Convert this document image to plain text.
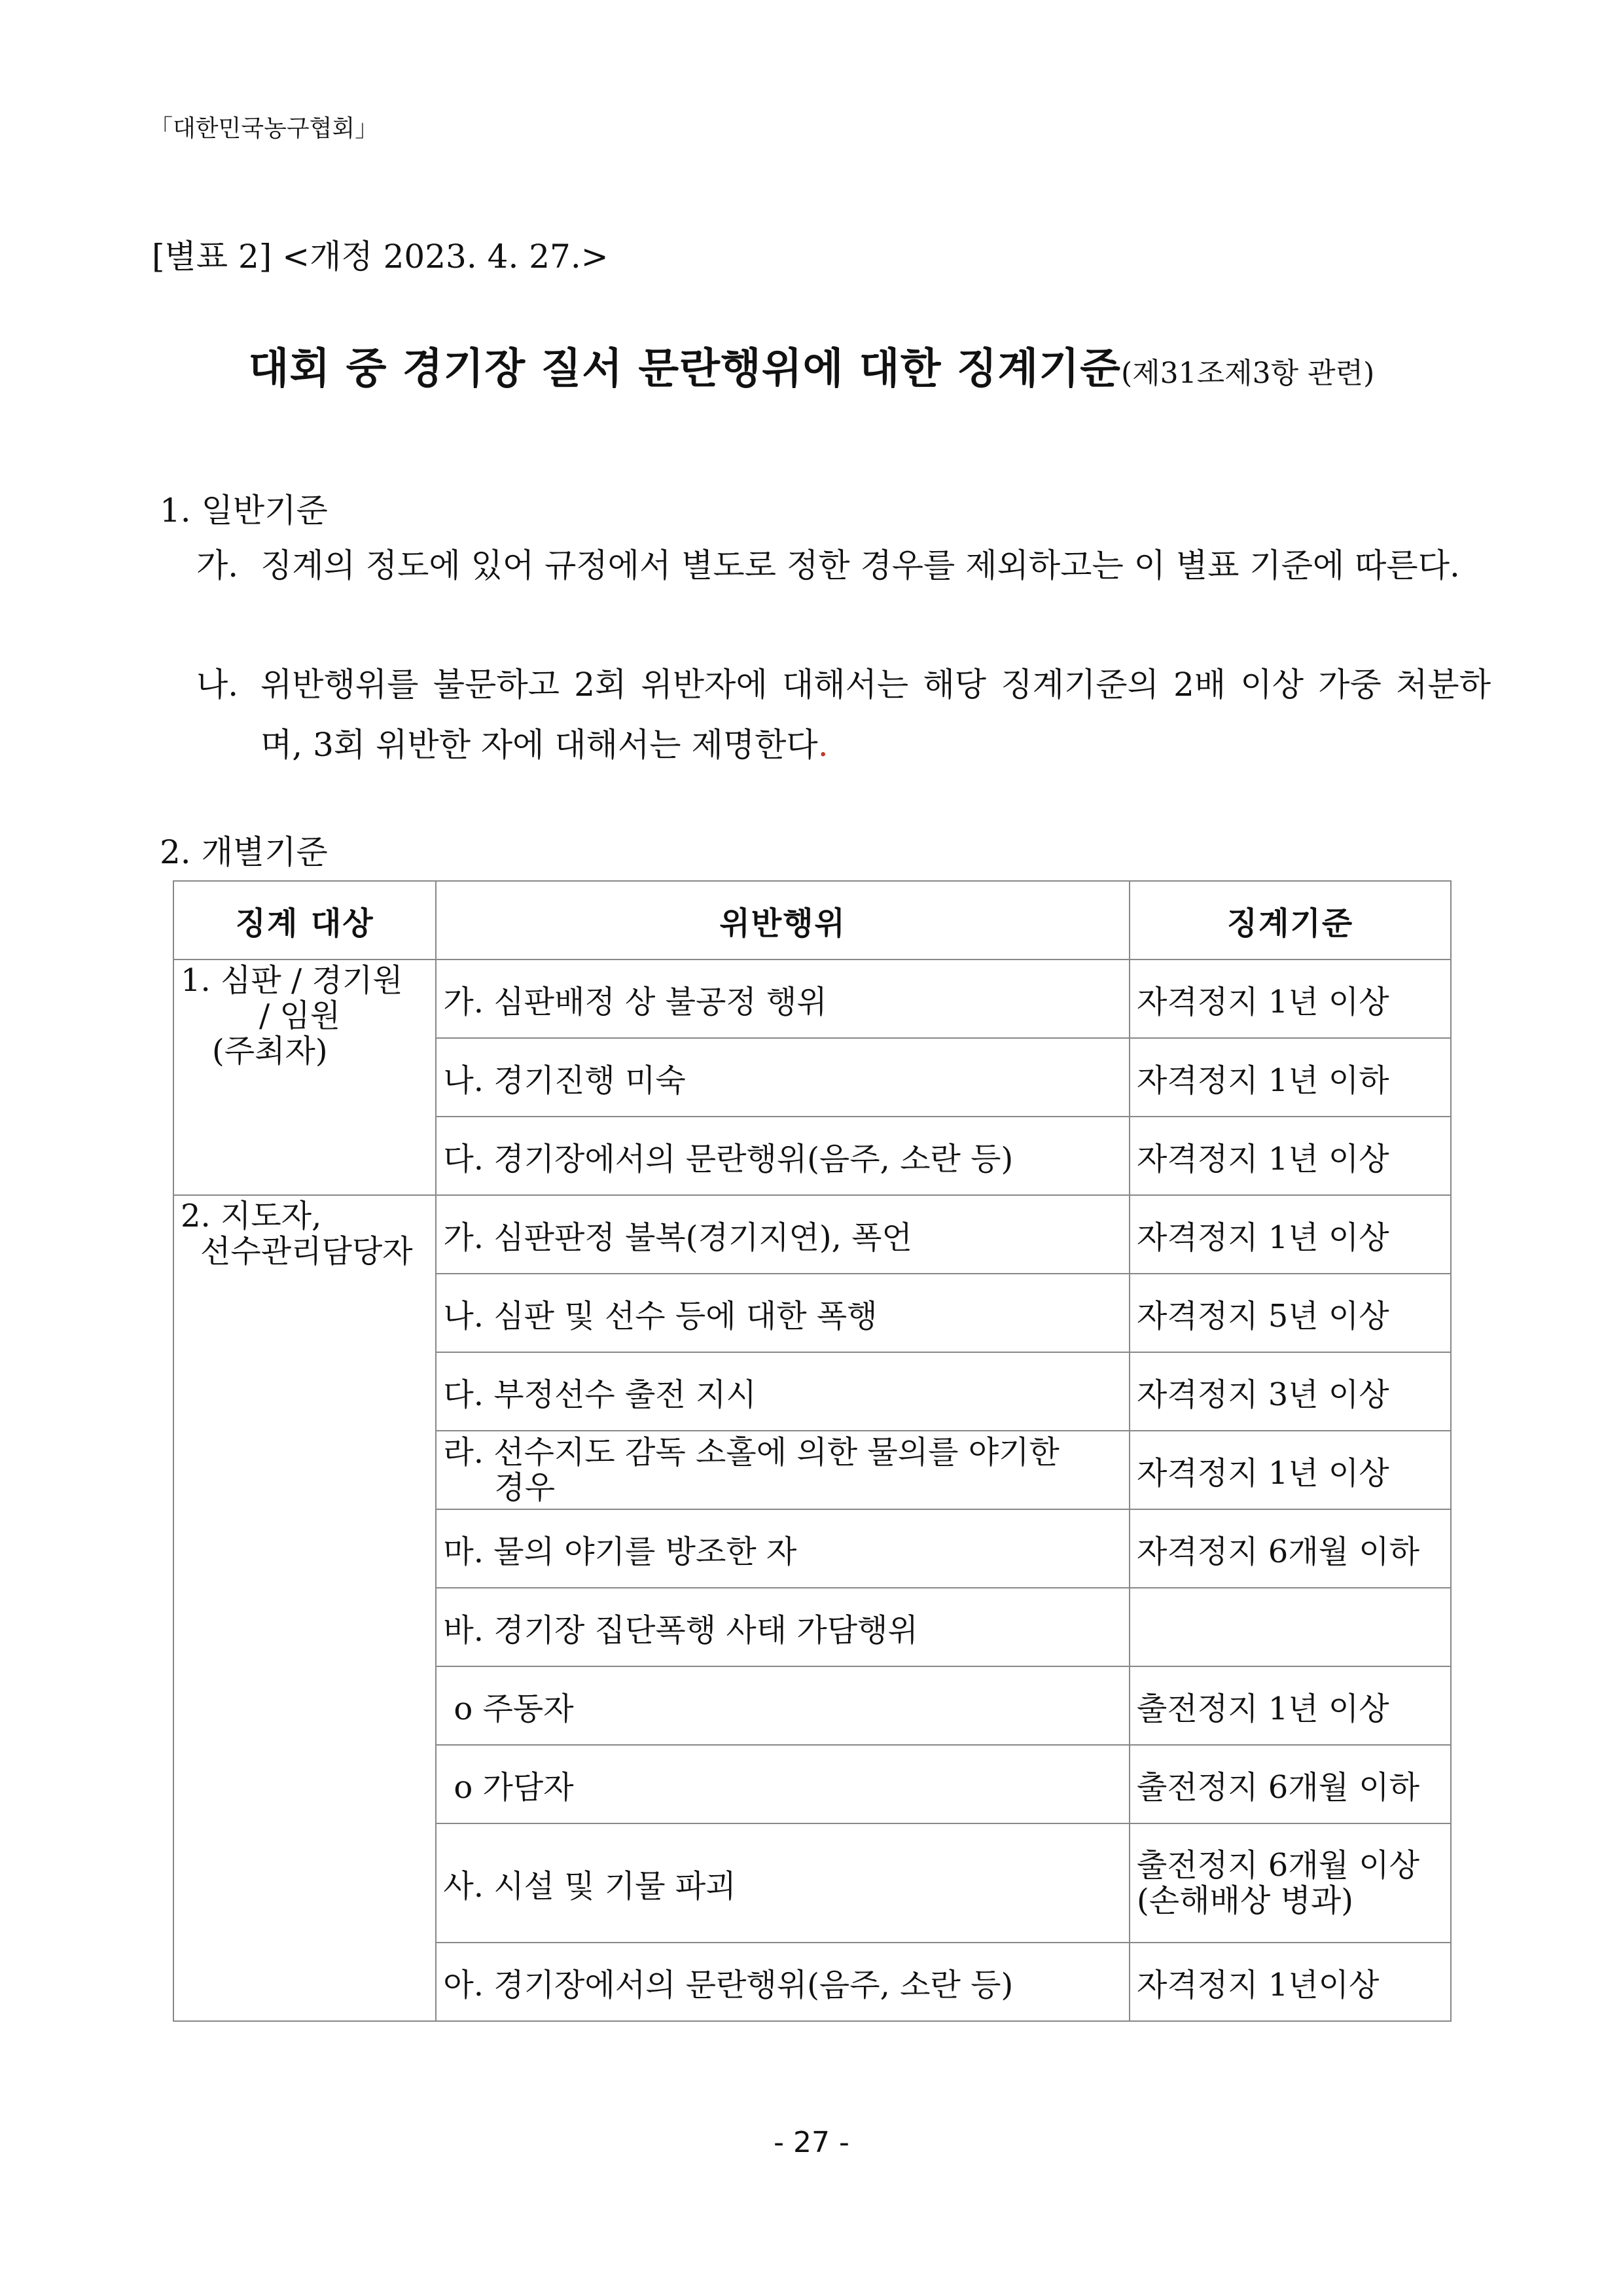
「대한민국농구협회」
[별표 2] <개정 2023. 4. 27.>
대회 중 경기장 질서 문란행위에 대한 징계기준(제31조제3항 관련)
1. 일반기준
가. 징계의 정도에 있어 규정에서 별도로 정한 경우를 제외하고는 이 별표 기준에 따른다.
나. 위반행위를 불문하고 2회 위반자에 대해서는 해당 징계기준의 2배 이상 가중 처분하며, 3회 위반한 자에 대해서는 제명한다.
2. 개별기준
징계 대상	위반행위	징계기준
1. 심판 / 경기원
/ 임원
(주최자)	가. 심판배정 상 불공정 행위	자격정지 1년 이상
	나. 경기진행 미숙	자격정지 1년 이하
	다. 경기장에서의 문란행위(음주, 소란 등)	자격정지 1년 이상
2. 지도자,
선수관리담당자	가. 심판판정 불복(경기지연), 폭언	자격정지 1년 이상
	나. 심판 및 선수 등에 대한 폭행	자격정지 5년 이상
	다. 부정선수 출전 지시	자격정지 3년 이상
	라. 선수지도 감독 소홀에 의한 물의를 야기한
경우	자격정지 1년 이상
	마. 물의 야기를 방조한 자	자격정지 6개월 이하
	바. 경기장 집단폭행 사태 가담행위	
	o 주동자	출전정지 1년 이상
	o 가담자	출전정지 6개월 이하
	사. 시설 및 기물 파괴	출전정지 6개월 이상
(손해배상 병과)
	아. 경기장에서의 문란행위(음주, 소란 등)	자격정지 1년이상
- 27 -
